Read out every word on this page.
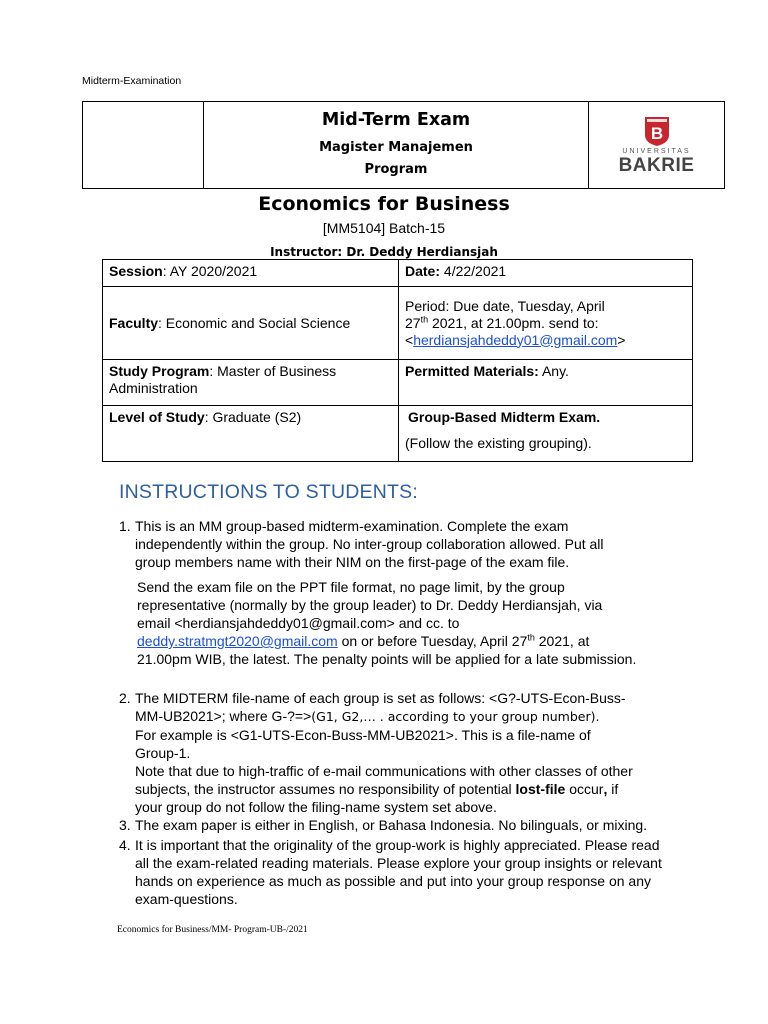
Midterm-Examination

Mid-Term Exam
Magister Manajemen
Program

B
UNIVERSITAS
BAKRIE
Economics for Business
[MM5104] Batch-15
Instructor: Dr. Deddy Herdiansjah
Session: AY 2020/2021	Date: 4/22/2021
Faculty: Economic and Social Science	Period: Due date, Tuesday, April
27th 2021, at 21.00pm. send to:
<herdiansjahdeddy01@gmail.com>

Study Program: Master of Business
Administration	Permitted Materials: Any.
Level of Study: Graduate (S2)	Group-Based Midterm Exam.
(Follow the existing grouping).
INSTRUCTIONS TO STUDENTS:
1. This is an MM group-based midterm-examination. Complete the exam
independently within the group. No inter-group collaboration allowed. Put all
group members name with their NIM on the first-page of the exam file.
Send the exam file on the PPT file format, no page limit, by the group
representative (normally by the group leader) to Dr. Deddy Herdiansjah, via
email <herdiansjahdeddy01@gmail.com> and cc. to
deddy.stratmgt2020@gmail.com on or before Tuesday, April 27th 2021, at
21.00pm WIB, the latest. The penalty points will be applied for a late submission.
2. The MIDTERM file-name of each group is set as follows: <G?-UTS-Econ-Buss-
MM-UB2021>; where G-?=>(G1, G2,… . according to your group number).
For example is <G1-UTS-Econ-Buss-MM-UB2021>. This is a file-name of
Group-1.
Note that due to high-traffic of e-mail communications with other classes of other
subjects, the instructor assumes no responsibility of potential lost-file occur, if
your group do not follow the filing-name system set above.
3. The exam paper is either in English, or Bahasa Indonesia. No bilinguals, or mixing.
4. It is important that the originality of the group-work is highly appreciated. Please read
all the exam-related reading materials. Please explore your group insights or relevant
hands on experience as much as possible and put into your group response on any
exam-questions.
Economics for Business/MM- Program-UB-/2021
